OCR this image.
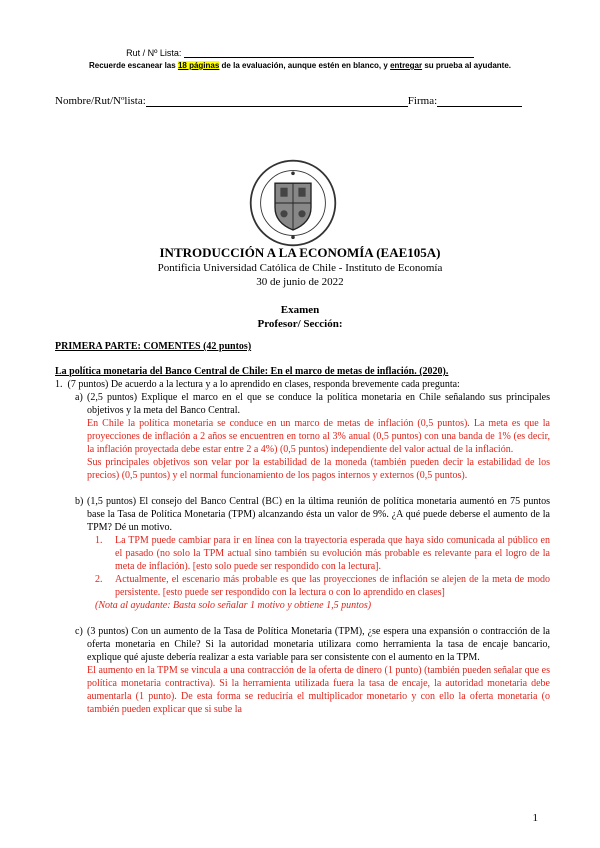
Rut / Nº Lista:
Recuerde escanear las 18 páginas de la evaluación, aunque estén en blanco, y entregar su prueba al ayudante.
Nombre/Rut/Nºlista:	Firma:
INTRODUCCIÓN A LA ECONOMÍA (EAE105A)
Pontificia Universidad Católica de Chile - Instituto de Economía
30 de junio de 2022
Examen
Profesor/ Sección:

PRIMERA PARTE: COMENTES (42 puntos)

La política monetaria del Banco Central de Chile: En el marco de metas de inflación. (2020).

1. (7 puntos) De acuerdo a la lectura y a lo aprendido en clases, responda brevemente cada pregunta:

a) (2,5 puntos) Explique el marco en el que se conduce la política monetaria en Chile señalando sus principales objetivos y la meta del Banco Central.

En Chile la política monetaria se conduce en un marco de metas de inflación (0,5 puntos). La meta es que la proyecciones de inflación a 2 años se encuentren en torno al 3% anual (0,5 puntos) con una banda de 1% (es decir, la inflación proyectada debe estar entre 2 a 4%) (0,5 puntos) independiente del valor actual de la inflación.

Sus principales objetivos son velar por la estabilidad de la moneda (también pueden decir la estabilidad de los precios) (0,5 puntos) y el normal funcionamiento de los pagos internos y externos (0,5 puntos).

b) (1,5 puntos) El consejo del Banco Central (BC) en la última reunión de política monetaria aumentó en 75 puntos base la Tasa de Política Monetaria (TPM) alcanzando ésta un valor de 9%. ¿A qué puede deberse el aumento de la TPM? Dé un motivo.
1. La TPM puede cambiar para ir en línea con la trayectoria esperada que haya sido comunicada al público en el pasado (no solo la TPM actual sino también su evolución más probable es relevante para el logro de la meta de inflación). [esto solo puede ser respondido con la lectura].
2. Actualmente, el escenario más probable es que las proyecciones de inflación se alejen de la meta de modo persistente. [esto puede ser respondido con la lectura o con lo aprendido en clases]

(Nota al ayudante: Basta solo señalar 1 motivo y obtiene 1,5 puntos)

c) (3 puntos) Con un aumento de la Tasa de Política Monetaria (TPM), ¿se espera una expansión o contracción de la oferta monetaria en Chile? Si la autoridad monetaria utilizara como herramienta la tasa de encaje bancario, explique qué ajuste debería realizar a esta variable para ser consistente con el aumento en la TPM.

El aumento en la TPM se vincula a una contracción de la oferta de dinero (1 punto) (también pueden señalar que es política monetaria contractiva). Si la herramienta utilizada fuera la tasa de encaje, la autoridad monetaria debe aumentarla (1 punto). De esta forma se reduciría el multiplicador monetario y con ello la oferta monetaria (o también pueden explicar que si sube la

1
